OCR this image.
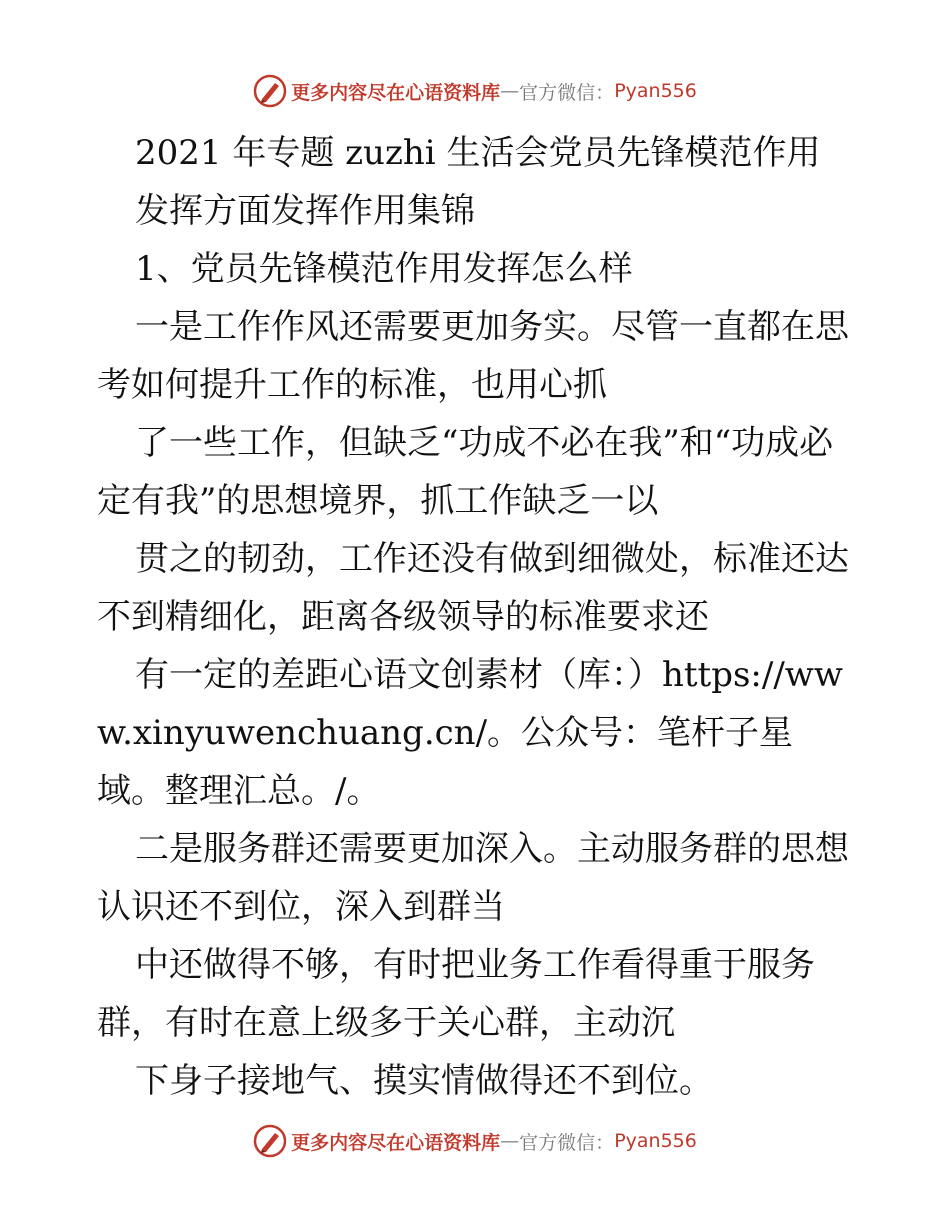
更多内容尽在心语资料库 — 官方微信： Pyan556

2021 年专题 zuzhi 生活会党员先锋模范作用

发挥方面发挥作用集锦

1、党员先锋模范作用发挥怎么样

一是工作作风还需要更加务实。尽管一直都在思考如何提升工作的标准，也用心抓

了一些工作，但缺乏“功成不必在我”和“功成必定有我”的思想境界，抓工作缺乏一以

贯之的韧劲，工作还没有做到细微处，标准还达不到精细化，距离各级领导的标准要求还

有一定的差距心语文创素材（库：）https://www.xinyuwenchuang.cn/。公众号：笔杆子星域。整理汇总。/。

二是服务群还需要更加深入。主动服务群的思想认识还不到位，深入到群当

中还做得不够，有时把业务工作看得重于服务群，有时在意上级多于关心群，主动沉

下身子接地气、摸实情做得还不到位。

更多内容尽在心语资料库 — 官方微信： Pyan556
